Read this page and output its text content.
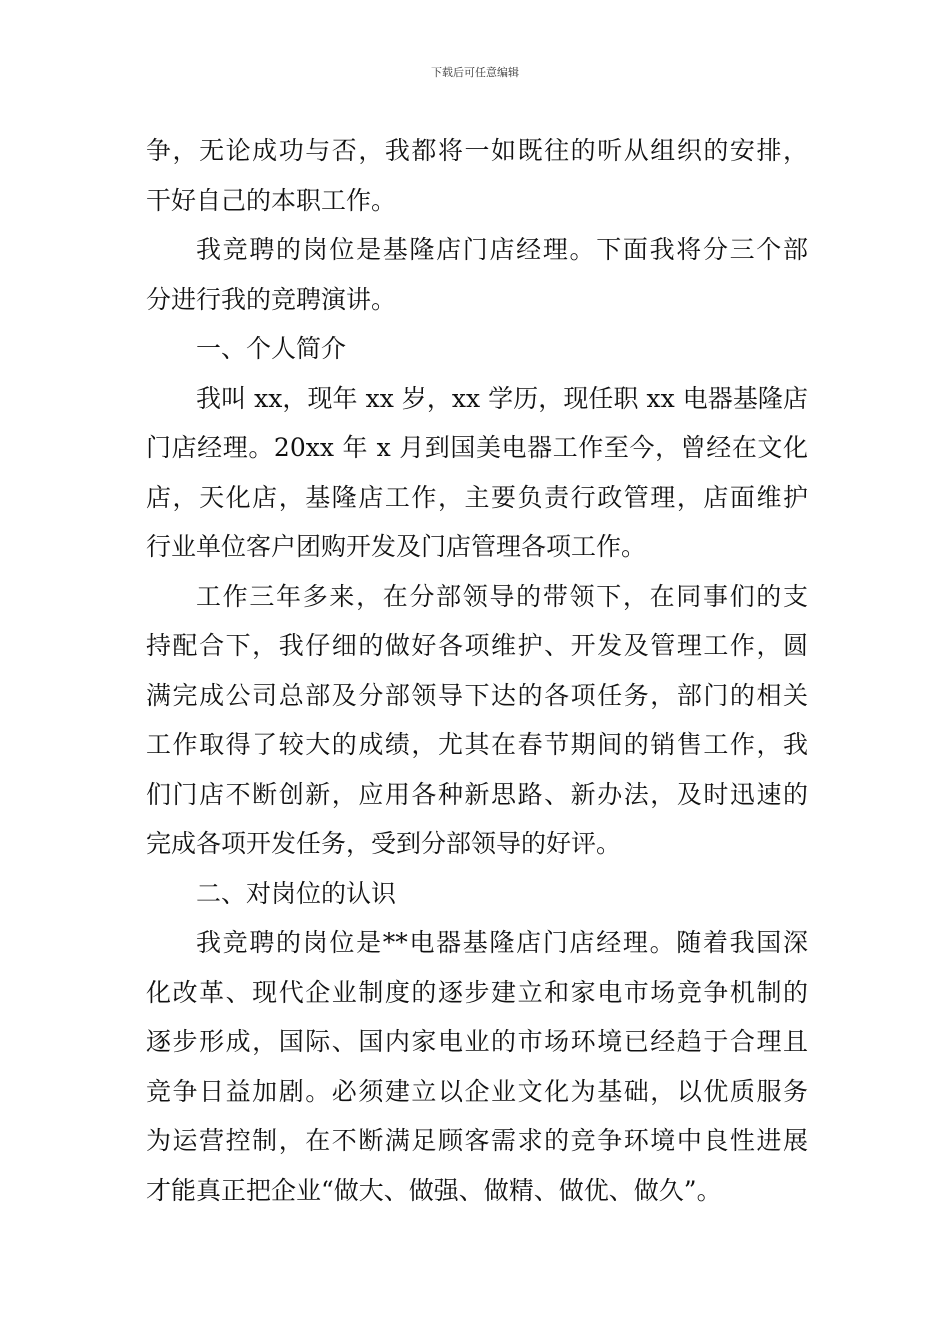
下载后可任意编辑
争，无论成功与否，我都将一如既往的听从组织的安排，
干好自己的本职工作。
我竞聘的岗位是基隆店门店经理。下面我将分三个部
分进行我的竞聘演讲。
一、个人简介
我叫 xx，现年 xx 岁，xx 学历，现任职 xx 电器基隆店
门店经理。20xx 年 x 月到国美电器工作至今，曾经在文化
店，天化店，基隆店工作，主要负责行政管理，店面维护
行业单位客户团购开发及门店管理各项工作。
工作三年多来，在分部领导的带领下，在同事们的支
持配合下，我仔细的做好各项维护、开发及管理工作，圆
满完成公司总部及分部领导下达的各项任务，部门的相关
工作取得了较大的成绩，尤其在春节期间的销售工作，我
们门店不断创新，应用各种新思路、新办法，及时迅速的
完成各项开发任务，受到分部领导的好评。
二、对岗位的认识
我竞聘的岗位是**电器基隆店门店经理。随着我国深
化改革、现代企业制度的逐步建立和家电市场竞争机制的
逐步形成，国际、国内家电业的市场环境已经趋于合理且
竞争日益加剧。必须建立以企业文化为基础，以优质服务
为运营控制，在不断满足顾客需求的竞争环境中良性进展
才能真正把企业“做大、做强、做精、做优、做久”。
